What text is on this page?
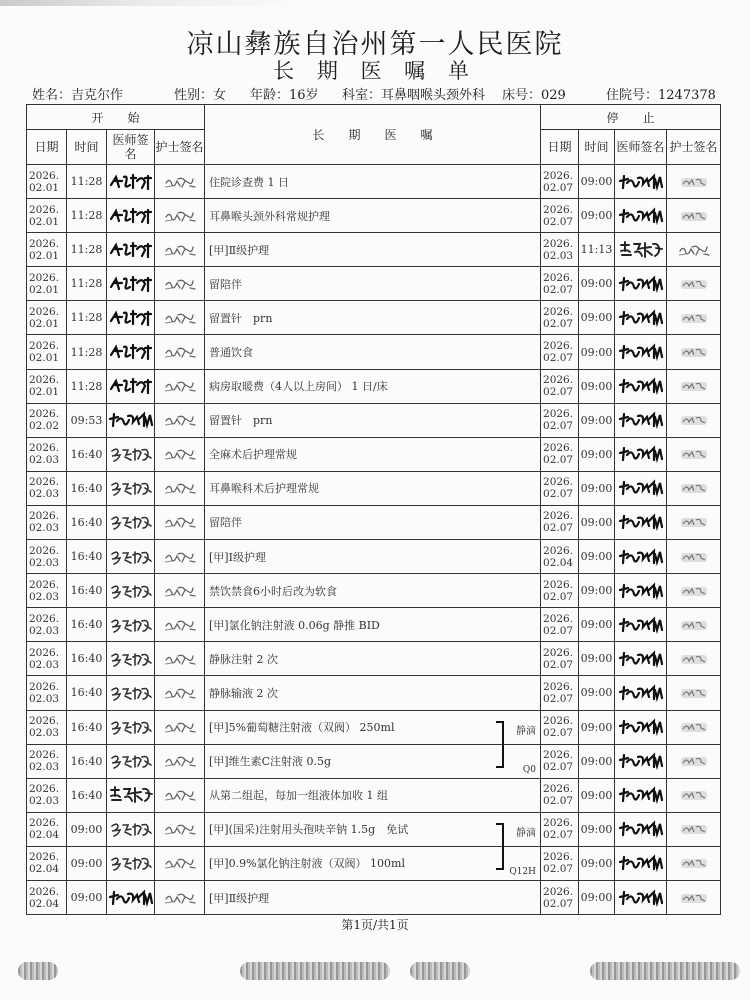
凉山彝族自治州第一人民医院
长 期 医 嘱 单
姓名：吉克尔作	性别：女 年龄：16岁 科室：耳鼻咽喉头颈外科 床号：029	住院号：1247378
开　　始				长　　期　　医　　嘱	停　　止			
日期	时间	医师签名	护士签名		日期	时间	医师签名	护士签名
2026.
02.01	11:28			住院诊查费 1 日	2026.
02.07	09:00	

2026.
02.01	11:28			耳鼻喉头颈外科常规护理	2026.
02.07	09:00	

2026.
02.01	11:28			[甲]Ⅱ级护理	2026.
02.03	11:13	

2026.
02.01	11:28			留陪伴	2026.
02.07	09:00	

2026.
02.01	11:28			留置针　prn	2026.
02.07	09:00	

2026.
02.01	11:28			普通饮食	2026.
02.07	09:00	

2026.
02.01	11:28			病房取暖费（4人以上房间） 1 日/床	2026.
02.07	09:00	

2026.
02.02	09:53			留置针　prn	2026.
02.07	09:00	

2026.
02.03	16:40			全麻术后护理常规	2026.
02.07	09:00	

2026.
02.03	16:40			耳鼻喉科术后护理常规	2026.
02.07	09:00	

2026.
02.03	16:40			留陪伴	2026.
02.07	09:00	

2026.
02.03	16:40			[甲]Ⅰ级护理	2026.
02.04	09:00	

2026.
02.03	16:40			禁饮禁食6小时后改为软食	2026.
02.07	09:00	

2026.
02.03	16:40			[甲]氯化钠注射液 0.06g 静推 BID	2026.
02.07	09:00	

2026.
02.03	16:40			静脉注射 2 次	2026.
02.07	09:00	

2026.
02.03	16:40			静脉输液 2 次	2026.
02.07	09:00	

2026.
02.03	16:40			[甲]5%葡萄糖注射液（双阀） 250ml 静滴	2026.
02.07	09:00	

2026.
02.03	16:40			[甲]维生素C注射液 0.5g
Q0	2026.
02.07	09:00	

2026.
02.03	16:40			从第二组起，每加一组液体加收 1 组	2026.
02.07	09:00	

2026.
02.04	09:00			[甲](国采)注射用头孢呋辛钠 1.5g　免试 静滴	2026.
02.07	09:00	

2026.
02.04	09:00			[甲]0.9%氯化钠注射液（双阀） 100ml
Q12H	2026.
02.07	09:00	

2026.
02.04	09:00			[甲]Ⅱ级护理	2026.
02.07	09:00	

第1页/共1页
